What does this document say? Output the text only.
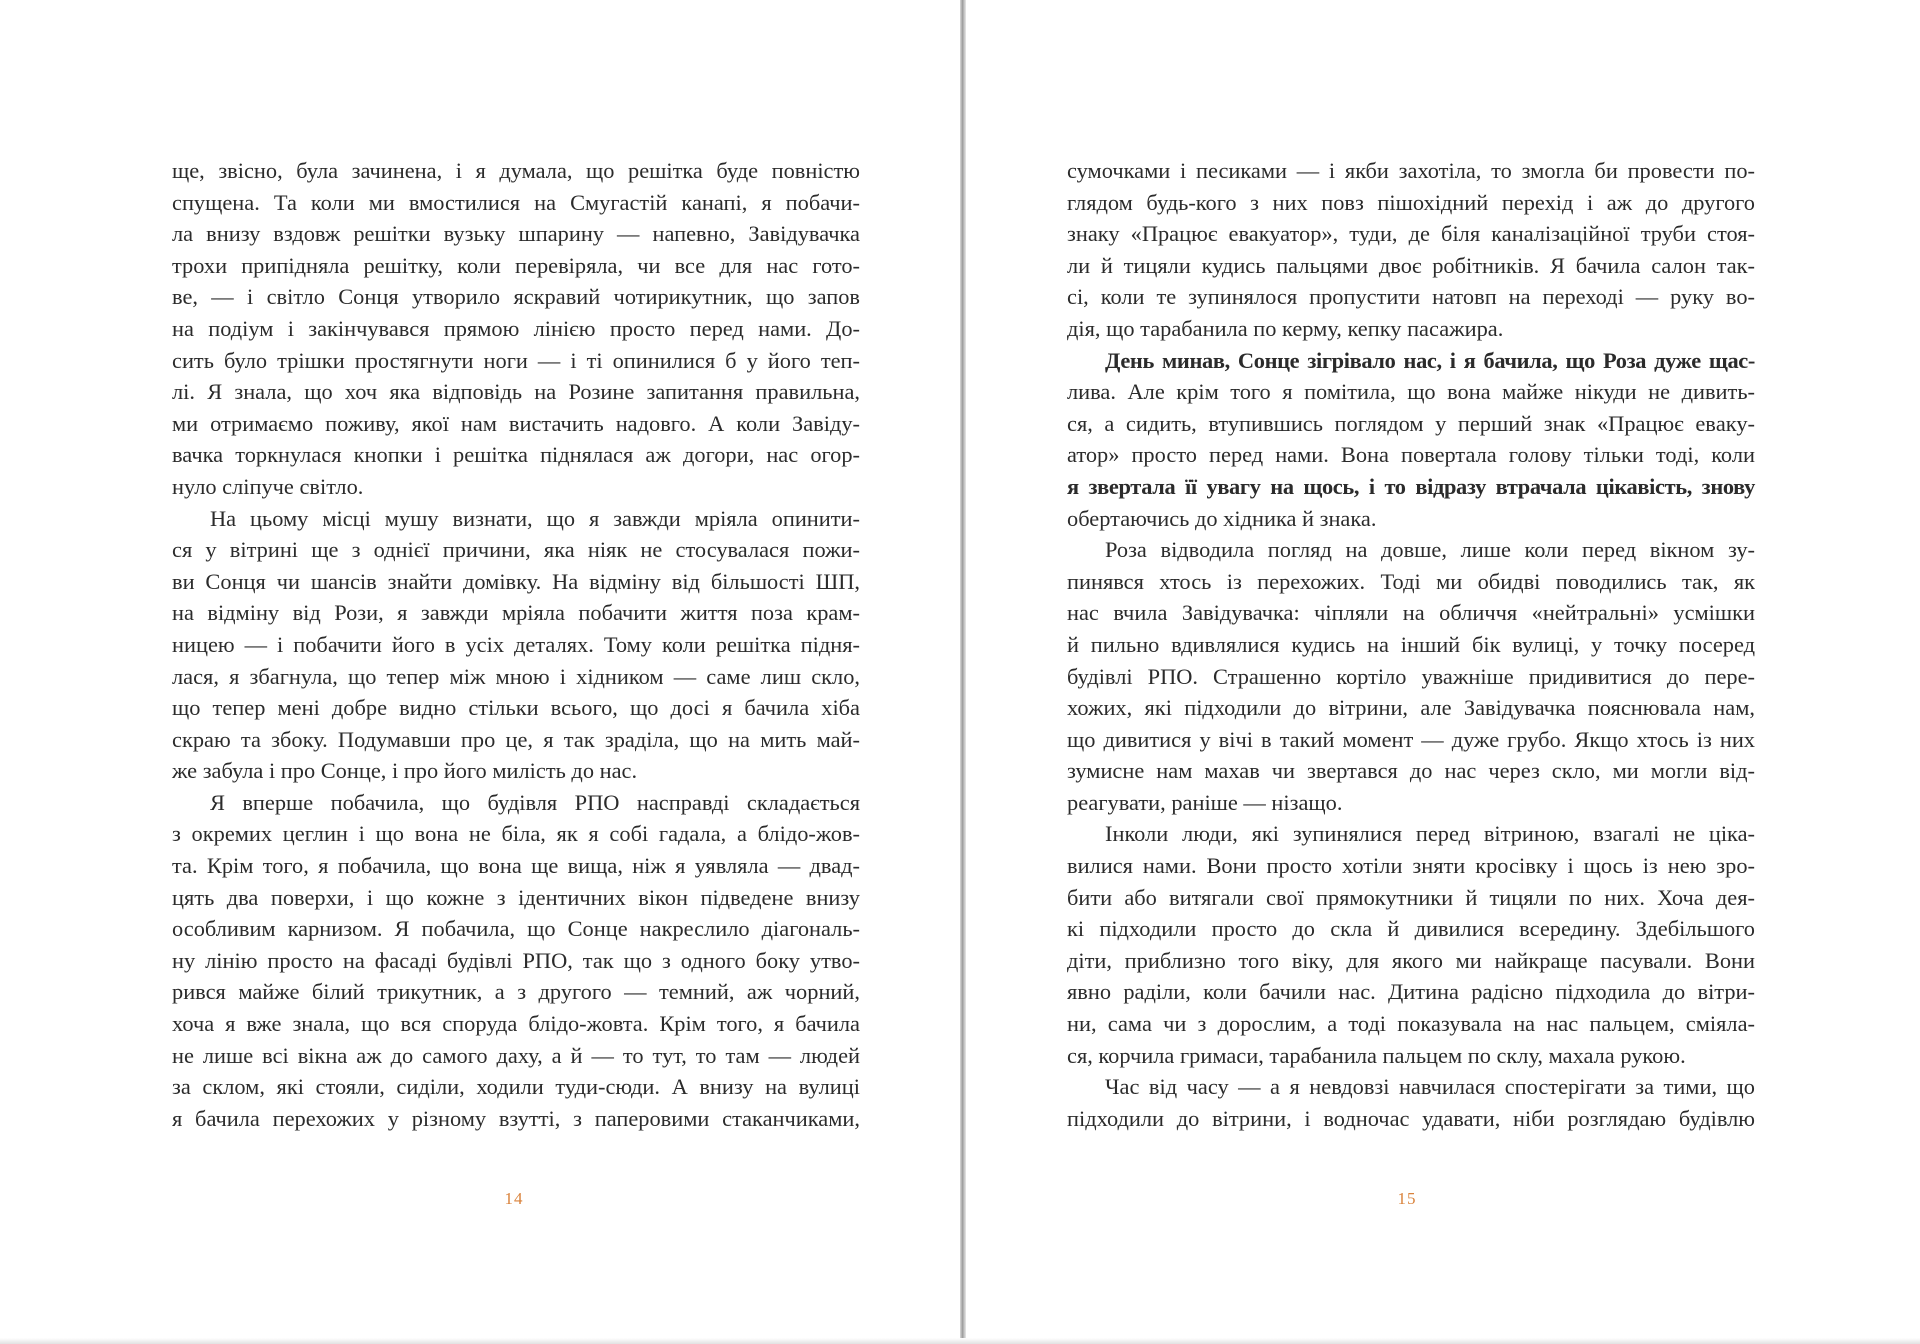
ще, звісно, була зачинена, і я думала, що решітка буде повністю
спущена. Та коли ми вмостилися на Смугастій канапі, я побачи-
ла внизу вздовж решітки вузьку шпарину — напевно, Завідувачка
трохи припідняла решітку, коли перевіряла, чи все для нас гото-
ве, — і світло Сонця утворило яскравий чотирикутник, що запов
на подіум і закінчувався прямою лінією просто перед нами. До-
сить було трішки простягнути ноги — і ті опинилися б у його теп-
лі. Я знала, що хоч яка відповідь на Розине запитання правильна,
ми отримаємо поживу, якої нам вистачить надовго. А коли Завіду-
вачка торкнулася кнопки і решітка піднялася аж догори, нас огор-
нуло сліпуче світло.
На цьому місці мушу визнати, що я завжди мріяла опинити-
ся у вітрині ще з однієї причини, яка ніяк не стосувалася пожи-
ви Сонця чи шансів знайти домівку. На відміну від більшості ШП,
на відміну від Рози, я завжди мріяла побачити життя поза крам-
ницею — і побачити його в усіх деталях. Тому коли решітка підня-
лася, я збагнула, що тепер між мною і хідником — саме лиш скло,
що тепер мені добре видно стільки всього, що досі я бачила хіба
скраю та збоку. Подумавши про це, я так зраділа, що на мить май-
же забула і про Сонце, і про його милість до нас.
Я вперше побачила, що будівля РПО насправді складається
з окремих цеглин і що вона не біла, як я собі гадала, а блідо-жов-
та. Крім того, я побачила, що вона ще вища, ніж я уявляла — двад-
цять два поверхи, і що кожне з ідентичних вікон підведене внизу
особливим карнизом. Я побачила, що Сонце накреслило діагональ-
ну лінію просто на фасаді будівлі РПО, так що з одного боку утво-
рився майже білий трикутник, а з другого — темний, аж чорний,
хоча я вже знала, що вся споруда блідо-жовта. Крім того, я бачила
не лише всі вікна аж до самого даху, а й — то тут, то там — людей
за склом, які стояли, сиділи, ходили туди-сюди. А внизу на вулиці
я бачила перехожих у різному взутті, з паперовими стаканчиками,
14
сумочками і песиками — і якби захотіла, то змогла би провести по-
глядом будь-кого з них повз пішохідний перехід і аж до другого
знаку «Працює евакуатор», туди, де біля каналізаційної труби стоя-
ли й тицяли кудись пальцями двоє робітників. Я бачила салон так-
сі, коли те зупинялося пропустити натовп на переході — руку во-
дія, що тарабанила по керму, кепку пасажира.
День минав, Сонце зігрівало нас, і я бачила, що Роза дуже щас-
лива. Але крім того я помітила, що вона майже нікуди не дивить-
ся, а сидить, втупившись поглядом у перший знак «Працює евaку-
атор» просто перед нами. Вона повертала голову тільки тоді, коли
я звертала її увагу на щось, і то відразу втрачала цікавість, знову
обертаючись до хідника й знака.
Роза відводила погляд на довше, лише коли перед вікном зу-
пинявся хтось із перехожих. Тоді ми обидві поводились так, як
нас вчила Завідувачка: чіпляли на обличчя «нейтральні» усмішки
й пильно вдивлялися кудись на інший бік вулиці, у точку посеред
будівлі РПО. Страшенно кортіло уважніше придивитися до пере-
хожих, які підходили до вітрини, але Завідувачка пояснювала нам,
що дивитися у вічі в такий момент — дуже грубо. Якщо хтось із них
зумисне нам махав чи звертався до нас через скло, ми могли від-
реагувати, раніше — нізащо.
Інколи люди, які зупинялися перед вітриною, взагалі не ціка-
вилися нами. Вони просто хотіли зняти кросівку і щось із нею зро-
бити або витягали свої прямокутники й тицяли по них. Хоча дея-
кі підходили просто до скла й дивилися всередину. Здебільшого
діти, приблизно того віку, для якого ми найкраще пасували. Вони
явно раділи, коли бачили нас. Дитина радісно підходила до вітри-
ни, сама чи з дорослим, а тоді показувала на нас пальцем, сміяла-
ся, корчила гримаси, тарабанила пальцем по склу, махала рукою.
Час від часу — а я невдовзі навчилася спостерігати за тими, що
підходили до вітрини, і водночас удавати, ніби розглядаю будівлю
15
